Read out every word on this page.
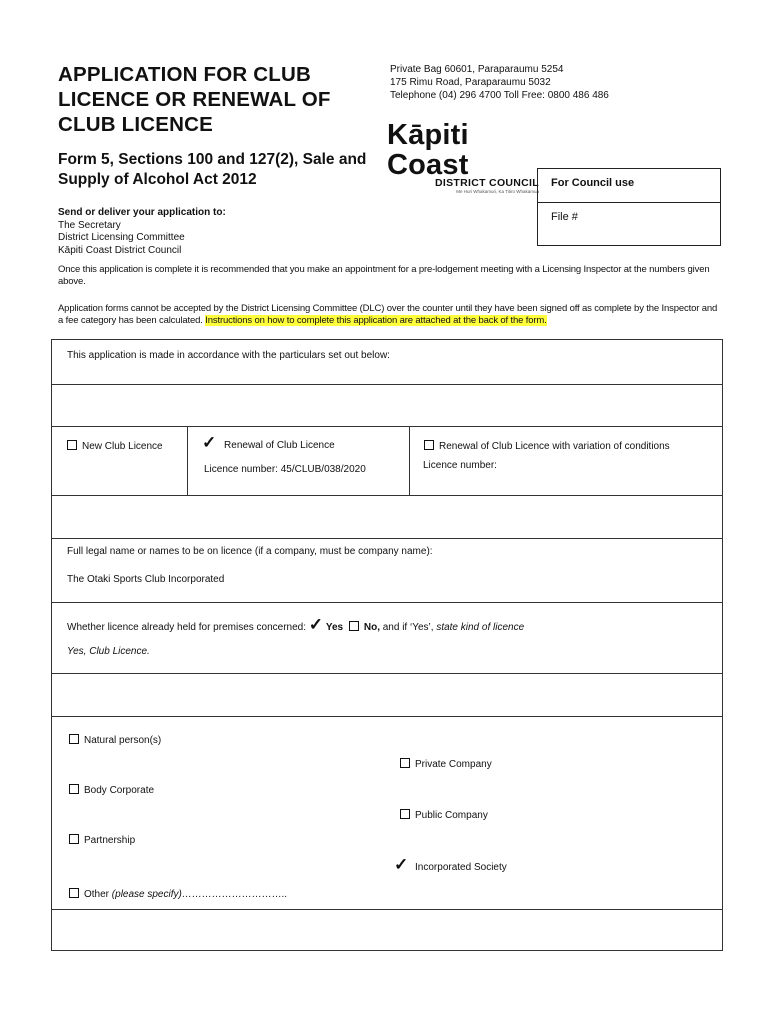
APPLICATION FOR CLUB LICENCE OR RENEWAL OF CLUB LICENCE
Form 5, Sections 100 and 127(2), Sale and Supply of Alcohol Act 2012
Private Bag 60601, Paraparaumu 5254
175 Rimu Road, Paraparaumu 5032
Telephone (04) 296 4700 Toll Free: 0800 486 486
Kāpiti Coast
DISTRICT COUNCIL
Me Huri Whakamuri, Ka Titiro Whakamua
For Council use
File #
Send or deliver your application to:
The Secretary
District Licensing Committee
Kāpiti Coast District Council
Once this application is complete it is recommended that you make an appointment for a pre-lodgement meeting with a Licensing Inspector at the numbers given above.
Application forms cannot be accepted by the District Licensing Committee (DLC) over the counter until they have been signed off as complete by the Inspector and a fee category has been calculated. Instructions on how to complete this application are attached at the back of the form.
This application is made in accordance with the particulars set out below:
New Club Licence ✓ Renewal of Club Licence
Licence number: 45/CLUB/038/2020
Renewal of Club Licence with variation of conditions
Licence number:
Full legal name or names to be on licence (if a company, must be company name):
The Otaki Sports Club Incorporated
Whether licence already held for premises concerned: ✓ Yes No, and if ‘Yes’, state kind of licence
Yes, Club Licence.
Natural person(s)
Body Corporate
Partnership
Other (please specify)…………………………..
Private Company
Public Company
✓ Incorporated Society
